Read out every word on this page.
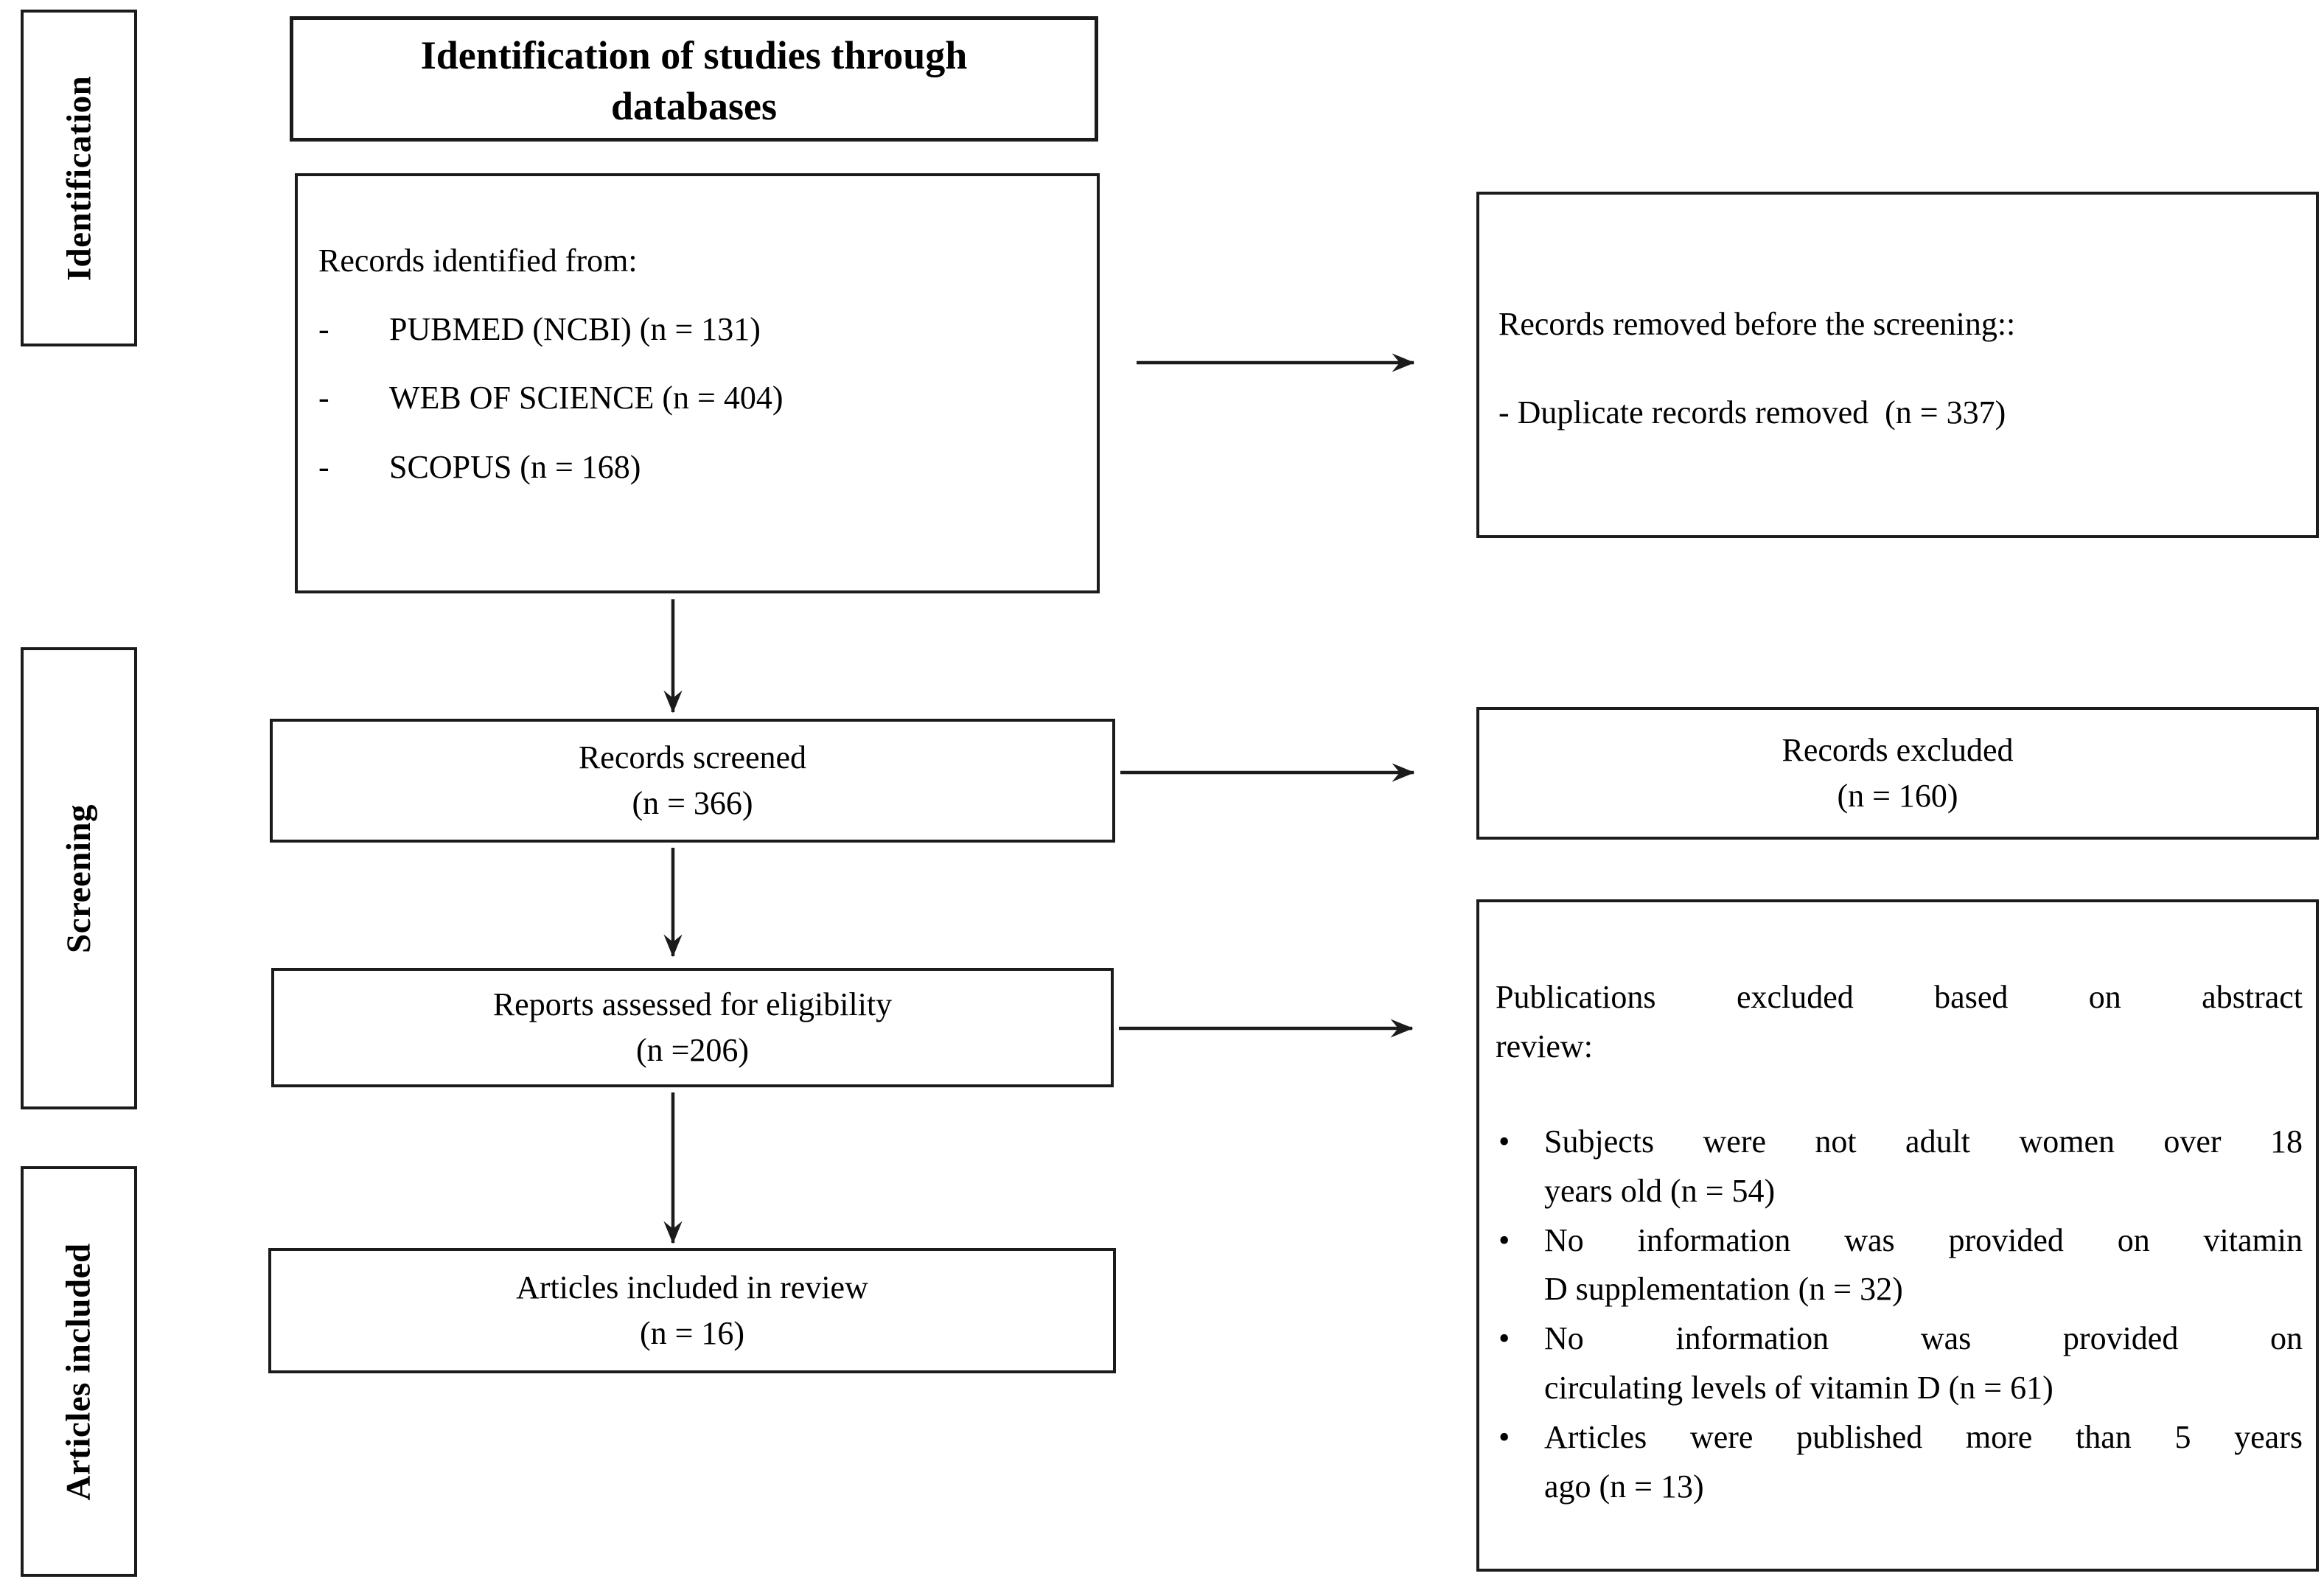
Identification
Screening
Articles included
Identification of studies through
databases
Records identified from:
-	PUBMED (NCBI) (n = 131)
-	WEB OF SCIENCE (n = 404)
-	SCOPUS (n = 168)
Records removed before the screening::
- Duplicate records removed  (n = 337)
Records screened
(n = 366)
Records excluded
(n = 160)
Reports assessed for eligibility
(n =206)
Publications excluded based on abstract
review:
•	Subjects were not adult women over 18
years old (n = 54)
•	No information was provided on vitamin
D supplementation (n = 32)
•	No information was provided on
circulating levels of vitamin D (n = 61)
•	Articles were published more than 5 years
ago (n = 13)
Articles included in review
(n = 16)
